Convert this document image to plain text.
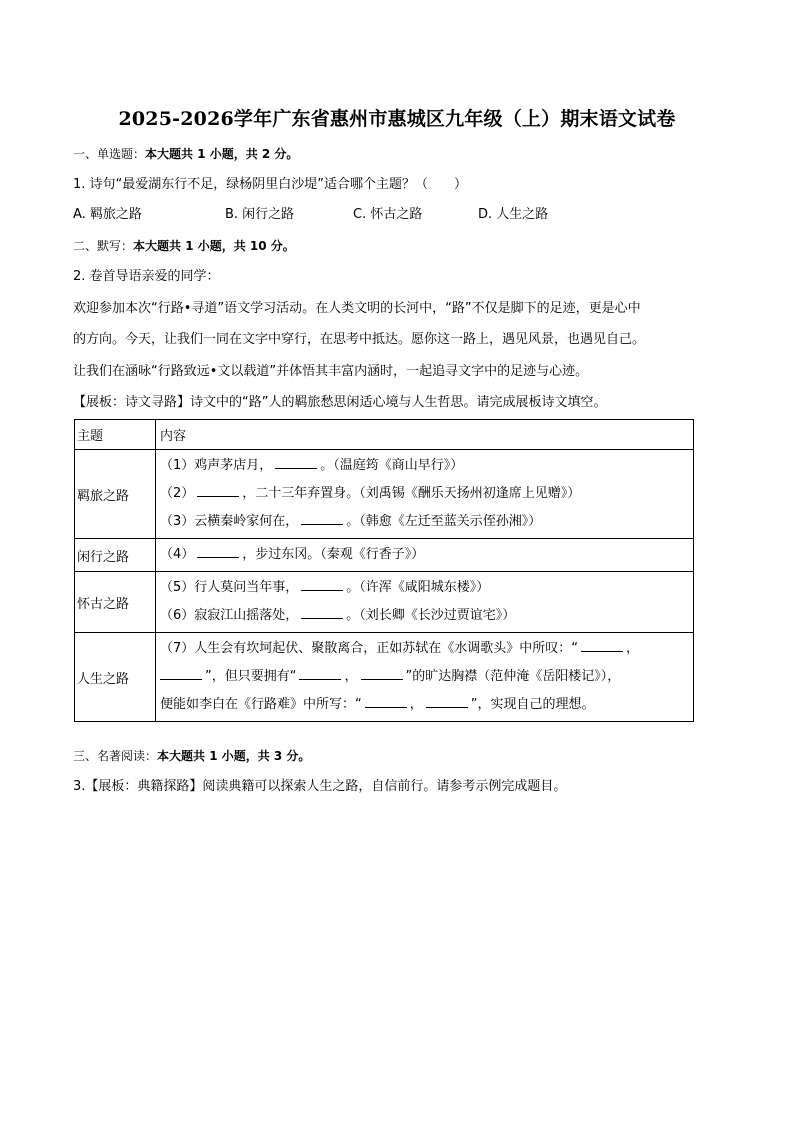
2025-2026学年广东省惠州市惠城区九年级（上）期末语文试卷
一、单选题：本大题共 1 小题，共 2 分。
1. 诗句“最爱湖东行不足，绿杨阴里白沙堤”适合哪个主题？（　　）
A. 羁旅之路	B. 闲行之路	C. 怀古之路	D. 人生之路
二、默写：本大题共 1 小题，共 10 分。
2. 卷首导语亲爱的同学：
欢迎参加本次“行路•寻道”语文学习活动。在人类文明的长河中，“路”不仅是脚下的足迹，更是心中
的方向。今天，让我们一同在文字中穿行，在思考中抵达。愿你这一路上，遇见风景，也遇见自己。
让我们在涵咏“行路致远•文以载道”并体悟其丰富内涵时，一起追寻文字中的足迹与心迹。
【展板：诗文寻路】诗文中的“路”人的羁旅愁思闲适心境与人生哲思。请完成展板诗文填空。
主题	内容
羁旅之路	（1）鸡声茅店月， 。（温庭筠《商山早行》）
（2） ，二十三年弃置身。（刘禹锡《酬乐天扬州初逢席上见赠》）
（3）云横秦岭家何在， 。（韩愈《左迁至蓝关示侄孙湘》）

闲行之路	（4） ，步过东冈。（秦观《行香子》）

怀古之路	（5）行人莫问当年事， 。（许浑《咸阳城东楼》）
（6）寂寂江山摇落处， 。（刘长卿《长沙过贾谊宅》）

人生之路	（7）人生会有坎坷起伏、聚散离合，正如苏轼在《水调歌头》中所叹：“ ，
”，但只要拥有“ ， ”的旷达胸襟（范仲淹《岳阳楼记》），
便能如李白在《行路难》中所写：“ ， ”，实现自己的理想。
三、名著阅读：本大题共 1 小题，共 3 分。
3.【展板：典籍探路】阅读典籍可以探索人生之路，自信前行。请参考示例完成题目。
